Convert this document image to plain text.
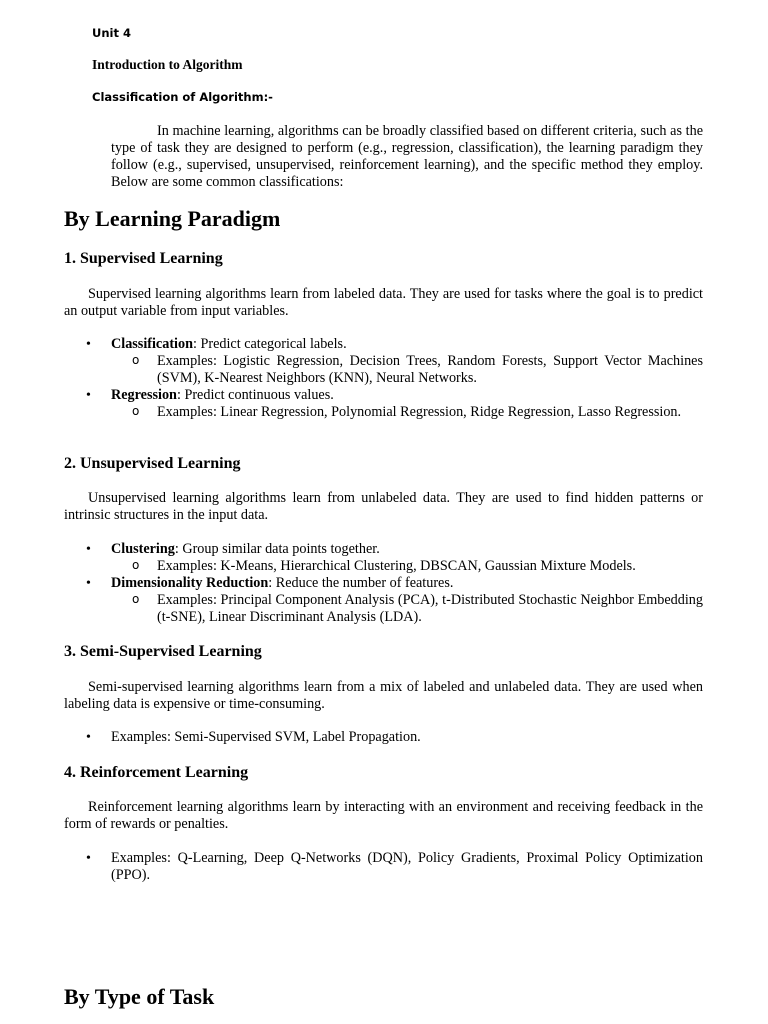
Unit 4
Introduction to Algorithm
Classification of Algorithm:-
In machine learning, algorithms can be broadly classified based on different criteria, such as the type of task they are designed to perform (e.g., regression, classification), the learning paradigm they follow (e.g., supervised, unsupervised, reinforcement learning), and the specific method they employ. Below are some common classifications:
By Learning Paradigm
1. Supervised Learning
Supervised learning algorithms learn from labeled data. They are used for tasks where the goal is to predict an output variable from input variables.
•	Classification: Predict categorical labels.
o Examples: Logistic Regression, Decision Trees, Random Forests, Support Vector Machines (SVM), K-Nearest Neighbors (KNN), Neural Networks.
•	Regression: Predict continuous values.
o Examples: Linear Regression, Polynomial Regression, Ridge Regression, Lasso Regression.
2. Unsupervised Learning
Unsupervised learning algorithms learn from unlabeled data. They are used to find hidden patterns or intrinsic structures in the input data.
•	Clustering: Group similar data points together.
o Examples: K-Means, Hierarchical Clustering, DBSCAN, Gaussian Mixture Models.
•	Dimensionality Reduction: Reduce the number of features.
o Examples: Principal Component Analysis (PCA), t-Distributed Stochastic Neighbor Embedding (t-SNE), Linear Discriminant Analysis (LDA).
3. Semi-Supervised Learning
Semi-supervised learning algorithms learn from a mix of labeled and unlabeled data. They are used when labeling data is expensive or time-consuming.
•	Examples: Semi-Supervised SVM, Label Propagation.
4. Reinforcement Learning
Reinforcement learning algorithms learn by interacting with an environment and receiving feedback in the form of rewards or penalties.
•	Examples: Q-Learning, Deep Q-Networks (DQN), Policy Gradients, Proximal Policy Optimization (PPO).
By Type of Task
